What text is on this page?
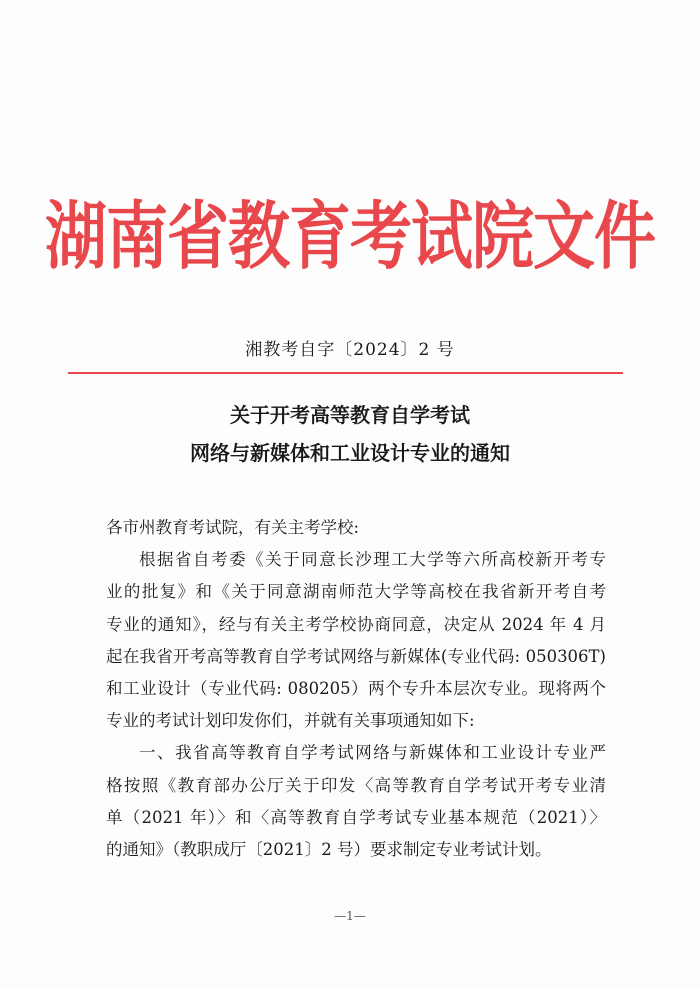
湖南省教育考试院文件
湘教考自字〔2024〕2 号
关于开考高等教育自学考试
网络与新媒体和工业设计专业的通知

各市州教育考试院，有关主考学校:

根据省自考委《关于同意长沙理工大学等六所高校新开考专

业的批复》和《关于同意湖南师范大学等高校在我省新开考自考

专业的通知》，经与有关主考学校协商同意，决定从 2024 年 4 月

起在我省开考高等教育自学考试网络与新媒体(专业代码: 050306T)

和工业设计（专业代码: 080205）两个专升本层次专业。现将两个

专业的考试计划印发你们，并就有关事项通知如下:

一、我省高等教育自学考试网络与新媒体和工业设计专业严

格按照《教育部办公厅关于印发〈高等教育自学考试开考专业清

单（2021 年）〉和〈高等教育自学考试专业基本规范（2021）〉

的通知》（教职成厅〔2021〕2 号）要求制定专业考试计划。

—1—
